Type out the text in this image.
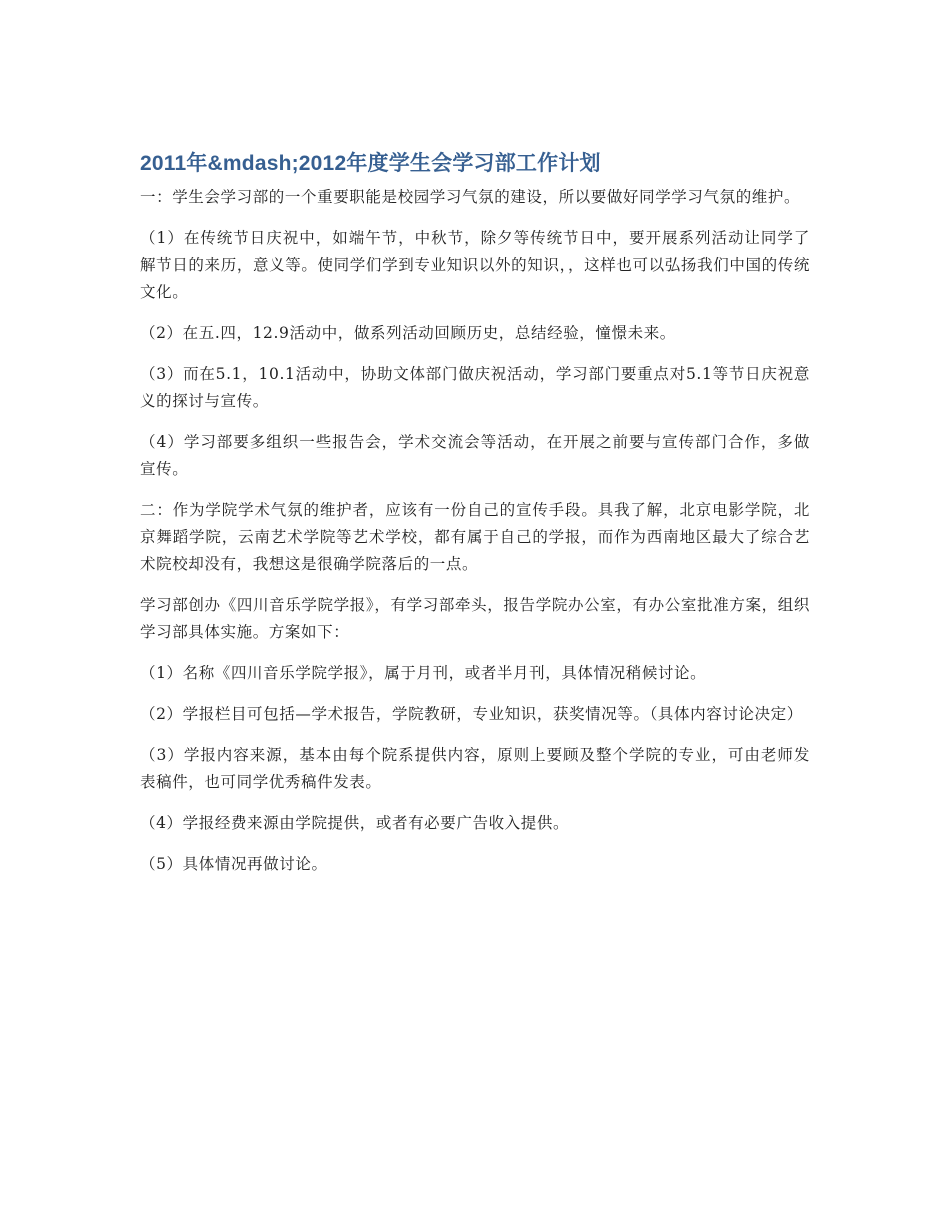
2011年&mdash;2012年度学生会学习部工作计划

一：学生会学习部的一个重要职能是校园学习气氛的建设，所以要做好同学学习气氛的维护。

（1）在传统节日庆祝中，如端午节，中秋节，除夕等传统节日中，要开展系列活动让同学了解节日的来历，意义等。使同学们学到专业知识以外的知识，，这样也可以弘扬我们中国的传统文化。

（2）在五.四，12.9活动中，做系列活动回顾历史，总结经验，憧憬未来。

（3）而在5.1，10.1活动中，协助文体部门做庆祝活动，学习部门要重点对5.1等节日庆祝意义的探讨与宣传。

（4）学习部要多组织一些报告会，学术交流会等活动，在开展之前要与宣传部门合作，多做宣传。

二：作为学院学术气氛的维护者，应该有一份自己的宣传手段。具我了解，北京电影学院，北京舞蹈学院，云南艺术学院等艺术学校，都有属于自己的学报，而作为西南地区最大了综合艺术院校却没有，我想这是很确学院落后的一点。

学习部创办《四川音乐学院学报》，有学习部牵头，报告学院办公室，有办公室批准方案，组织学习部具体实施。方案如下：

（1）名称《四川音乐学院学报》，属于月刊，或者半月刊，具体情况稍候讨论。

（2）学报栏目可包括—学术报告，学院教研，专业知识，获奖情况等。（具体内容讨论决定）

（3）学报内容来源，基本由每个院系提供内容，原则上要顾及整个学院的专业，可由老师发表稿件，也可同学优秀稿件发表。

（4）学报经费来源由学院提供，或者有必要广告收入提供。

（5）具体情况再做讨论。
